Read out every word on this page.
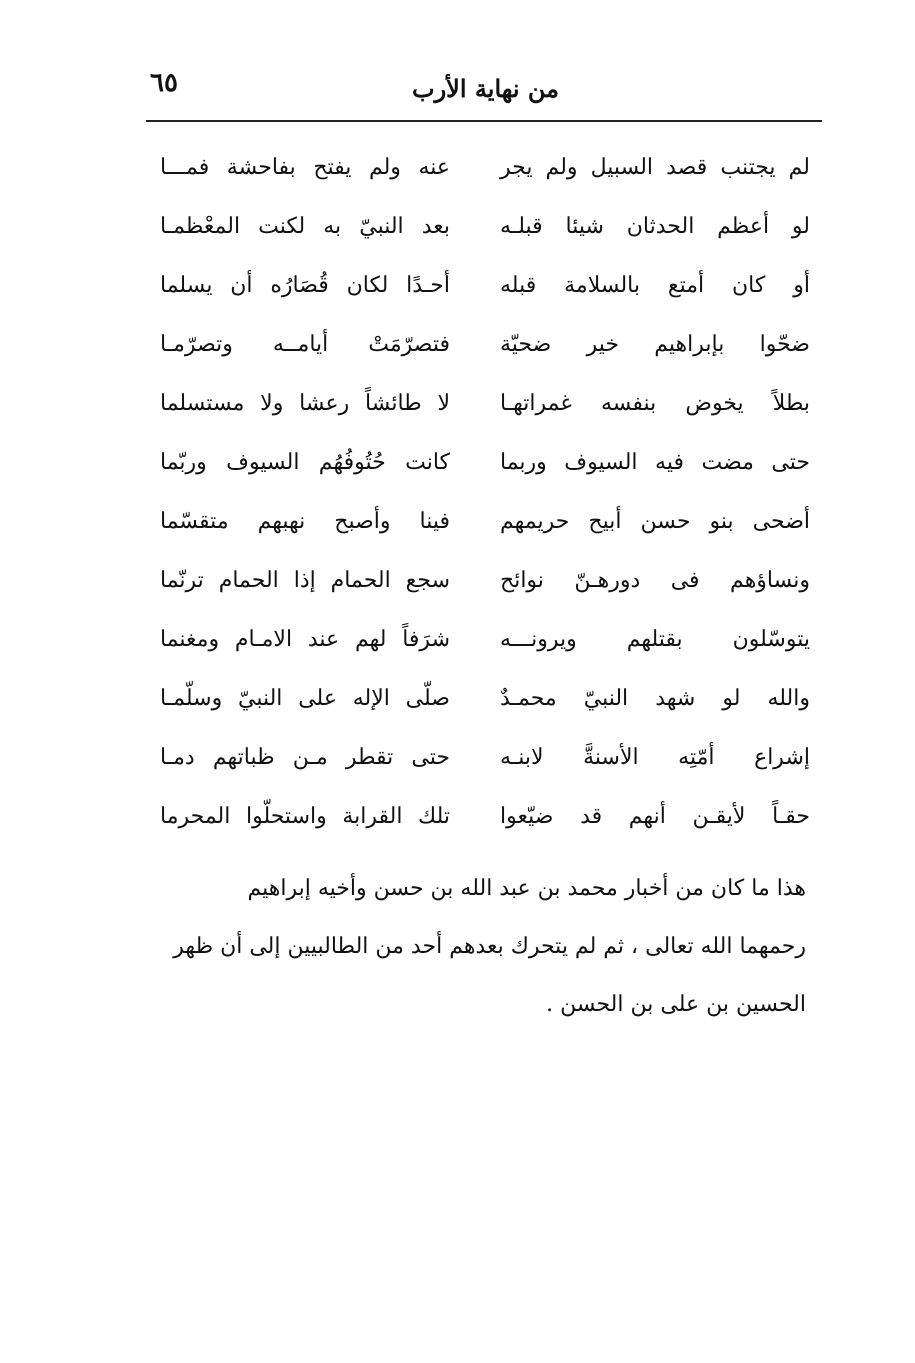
٦٥	من نهاية الأرب
لم يجتنب قصد السبيل ولم يجر
عنه ولم يفتح بفاحشة فمـــا
لو أعظم الحدثان شيئا قبلـه
بعد النبيّ به لكنت المعْظمـا
أو كان أمتع بالسلامة قبله
أحـدًا لكان قُصَارُه أن يسلما
ضحّوا بإبراهيم خير ضحيّة
فتصرّمَتْ أيامــه وتصرّمـا
بطلاً يخوض بنفسه غمراتهـا
لا طائشاً رعشا ولا مستسلما
حتى مضت فيه السيوف وربما
كانت حُتُوفُهُم السيوف وربّما
أضحى بنو حسن أبيح حريمهم
فينا وأصبح نهبهم متقسّما
ونساؤهم فى دورهـنّ نوائح
سجع الحمام إذا الحمام ترنّما
يتوسّلون بقتلهم ويرونـــه
شرَفاً لهم عند الامـام ومغنما
والله لو شهد النبيّ محمـدٌ
صلّى الإله على النبيّ وسلّمـا
إشراع أمّتِه الأسنةَّ لابنـه
حتى تقطر مـن ظباتهم دمـا
حقـاً لأيقـن أنهم قد ضيّعوا
تلك القرابة واستحلّوا المحرما

هذا ما كان من أخبار محمد بن عبد الله بن حسن وأخيه إبراهيم

رحمهما الله تعالى ، ثم لم يتحرك بعدهم أحد من الطالبيين إلى أن ظهر

الحسين بن على بن الحسن .
